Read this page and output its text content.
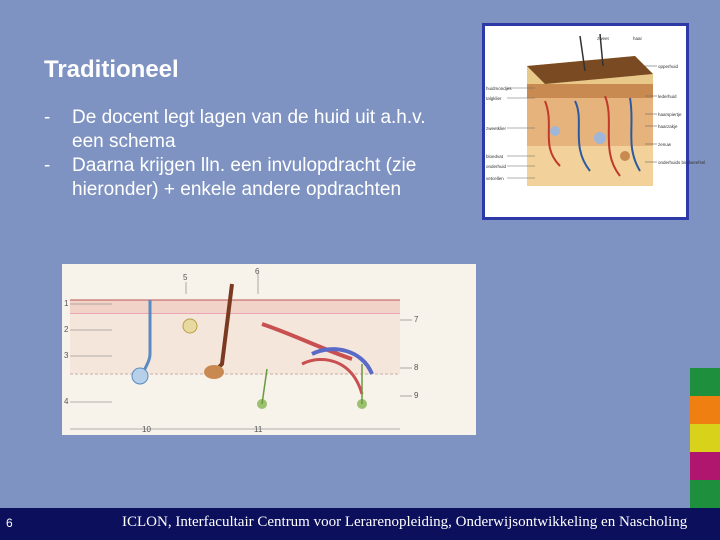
Traditioneel
- De docent legt lagen van de huid uit a.h.v. een schema
- Daarna krijgen lln. een invulopdracht (zie hieronder) + enkele andere opdrachten
zweet	haar
huidmondjes
talgklier
zweetklier
bloedvat
onderhuid
vetcellen
opperhuid
lederhuid
haarspiertje
haarzakje
zenuw
onderhuids bindweefsel
1
2
3
4
5
6
7
8
9
10	11
6	ICLON, Interfacultair Centrum voor Lerarenopleiding, Onderwijsontwikkeling en Nascholing
